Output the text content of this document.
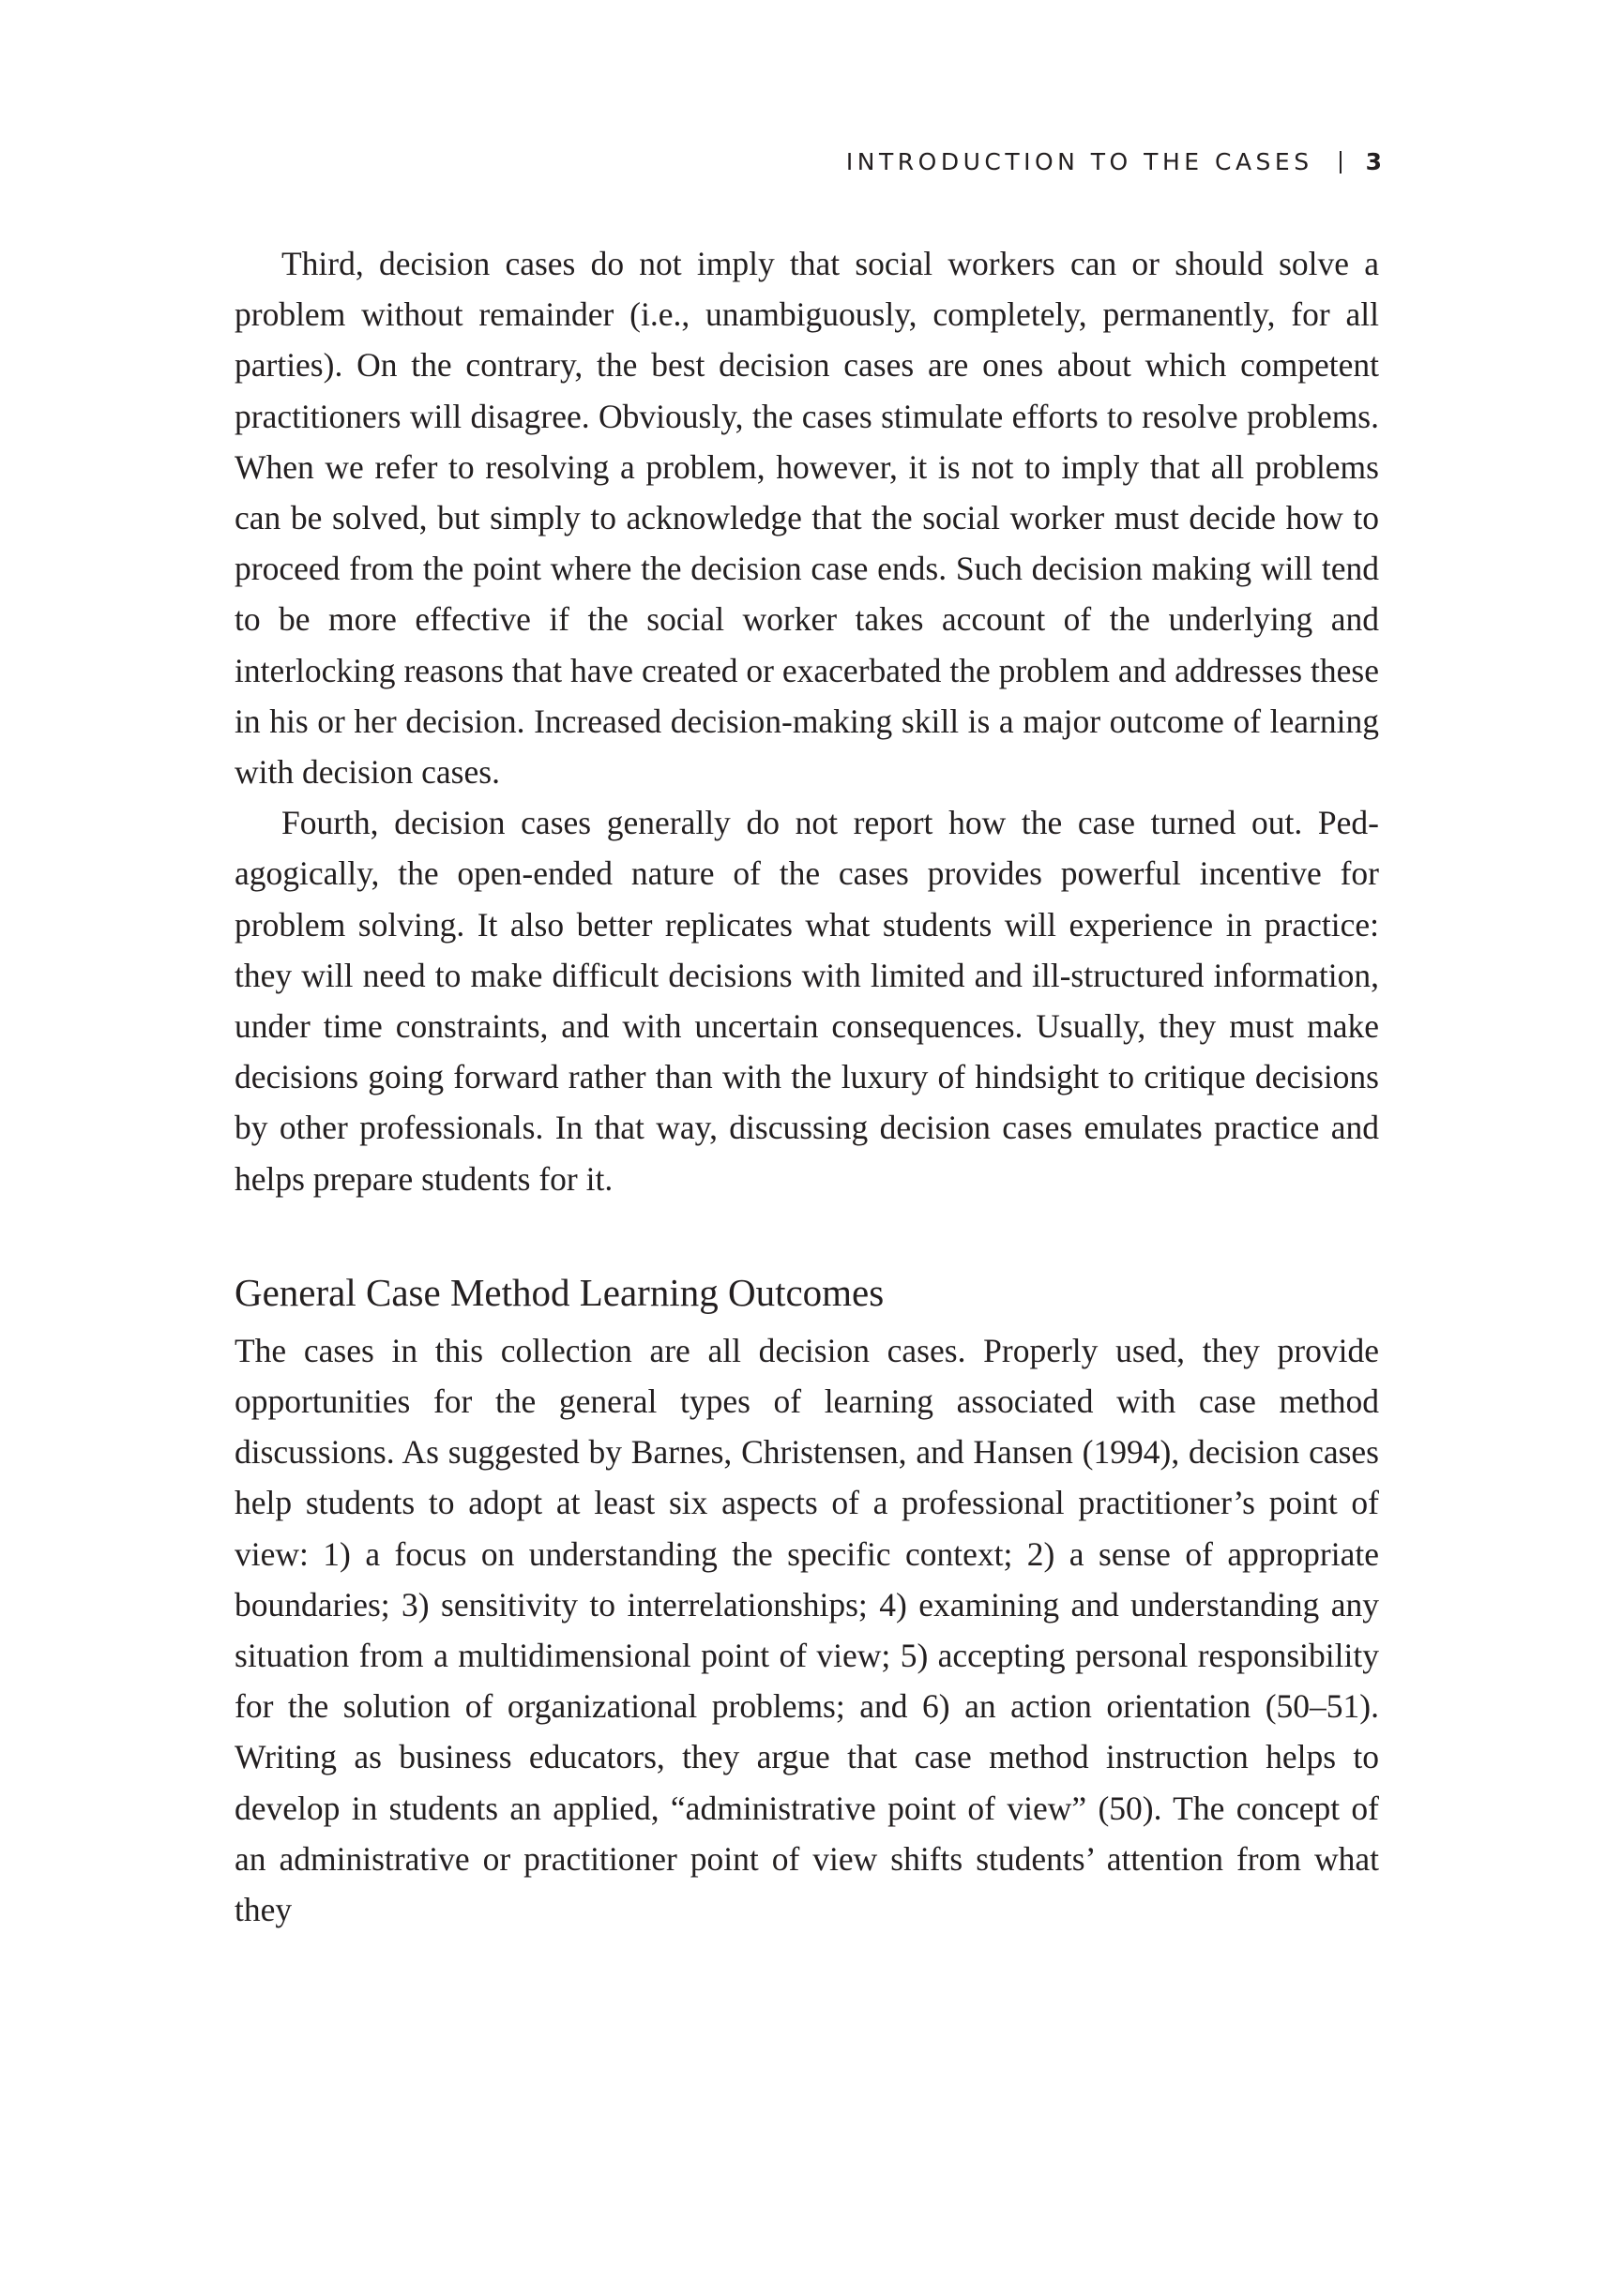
INTRODUCTION TO THE CASES 3

Third, decision cases do not imply that social workers can or should solve a problem without remainder (i.e., unambiguously, completely, permanently, for all parties). On the contrary, the best decision cases are ones about which competent practitioners will disagree. Obviously, the cases stimulate efforts to resolve problems. When we refer to resolving a problem, however, it is not to imply that all problems can be solved, but simply to acknowledge that the social worker must decide how to proceed from the point where the decision case ends. Such decision making will tend to be more effective if the social worker takes account of the underlying and interlocking reasons that have created or exacerbated the problem and addresses these in his or her decision. Increased decision-making skill is a major outcome of learning with decision cases.

Fourth, decision cases generally do not report how the case turned out. Pedagogically, the open-ended nature of the cases provides powerful incentive for problem solving. It also better replicates what students will experience in practice: they will need to make difficult decisions with limited and ill-structured information, under time constraints, and with uncertain consequences. Usually, they must make decisions going forward rather than with the luxury of hindsight to critique decisions by other professionals. In that way, discussing decision cases emulates practice and helps prepare students for it.

General Case Method Learning Outcomes

The cases in this collection are all decision cases. Properly used, they provide opportunities for the general types of learning associated with case method discussions. As suggested by Barnes, Christensen, and Hansen (1994), decision cases help students to adopt at least six aspects of a professional practitioner’s point of view: 1) a focus on understanding the specific context; 2) a sense of appropriate boundaries; 3) sensitivity to interrelationships; 4) examining and understanding any situation from a multidimensional point of view; 5) accepting personal responsibility for the solution of organizational problems; and 6) an action orientation (50–51). Writing as business educators, they argue that case method instruction helps to develop in students an applied, “administrative point of view” (50). The concept of an administrative or practitioner point of view shifts students’ attention from what they
